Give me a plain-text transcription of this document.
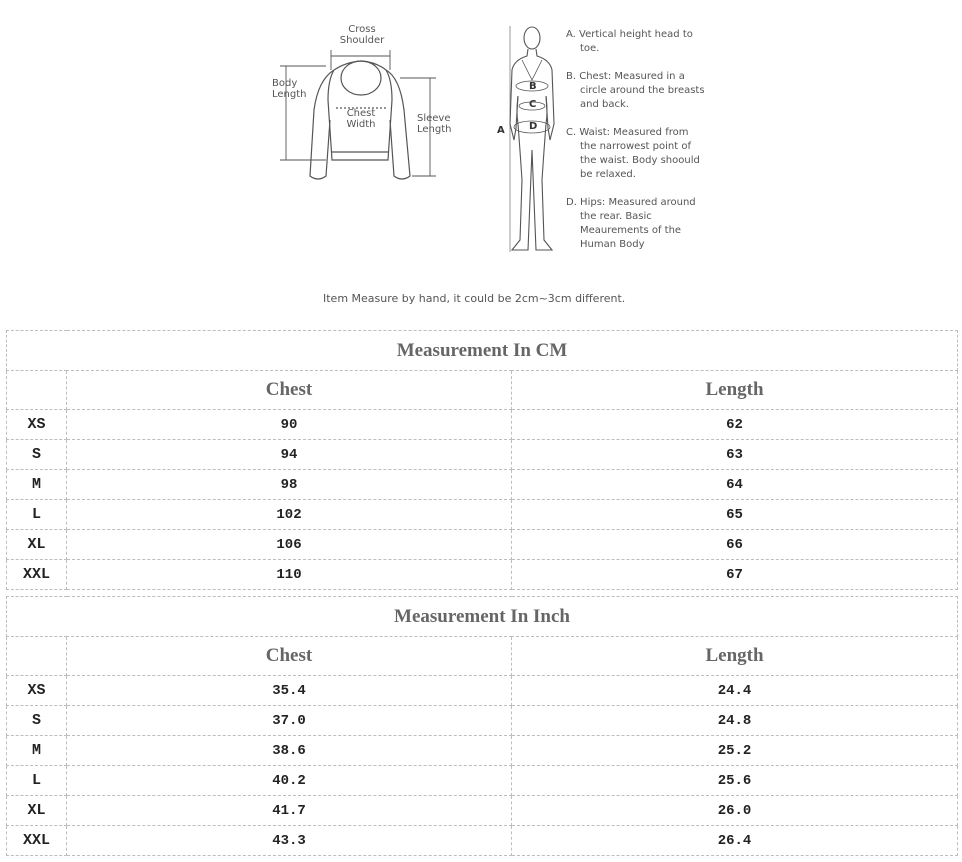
Cross
Shoulder
Body
Length
Chest
Width
Sleeve
Length	A
B
C
D

A. Vertical height head to toe.

B. Chest: Measured in a circle around the breasts and back.

C. Waist: Measured from the narrowest point of the waist. Body shoould be relaxed.

D. Hips: Measured around the rear. Basic Meaurements of the Human Body

Item Measure by hand, it could be 2cm~3cm different.
Measurement In CM		
	Chest	Length
XS	90	62
S	94	63
M	98	64
L	102	65
XL	106	66
XXL	110	67
Measurement In Inch		
	Chest	Length
XS	35.4	24.4
S	37.0	24.8
M	38.6	25.2
L	40.2	25.6
XL	41.7	26.0
XXL	43.3	26.4
